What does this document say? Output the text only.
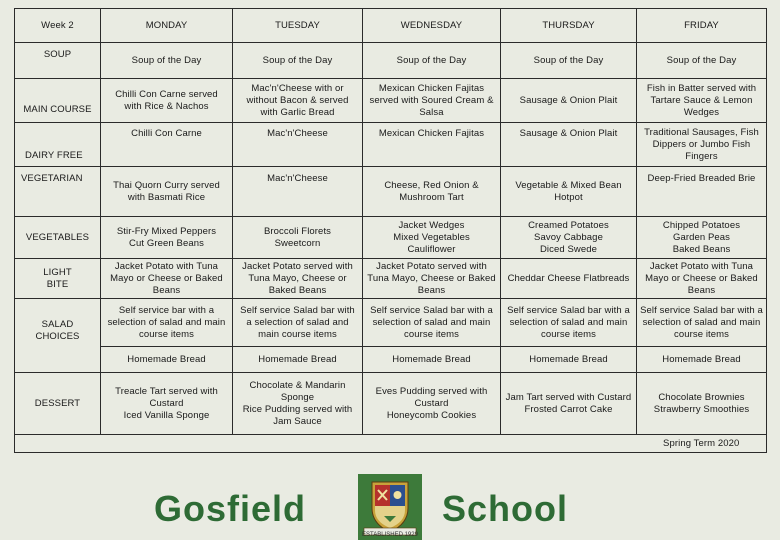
Week 2	MONDAY	TUESDAY	WEDNESDAY	THURSDAY	FRIDAY
SOUP	Soup of the Day	Soup of the Day	Soup of the Day	Soup of the Day	Soup of the Day
MAIN COURSE	Chilli Con Carne served
with Rice & Nachos	Mac'n'Cheese with or
without Bacon & served
with Garlic Bread	Mexican Chicken Fajitas
served with Soured Cream &
Salsa	Sausage & Onion Plait	Fish in Batter served with
Tartare Sauce & Lemon
Wedges

DAIRY FREE	Chilli Con Carne	Mac'n'Cheese	Mexican Chicken Fajitas	Sausage & Onion Plait	Traditional Sausages, Fish
Dippers or Jumbo Fish
Fingers

VEGETARIAN	Thai Quorn Curry served
with Basmati Rice	Mac'n'Cheese	Cheese, Red Onion &
Mushroom Tart	Vegetable & Mixed Bean
Hotpot	Deep-Fried Breaded Brie

VEGETABLES	Stir-Fry Mixed Peppers
Cut Green Beans	Broccoli Florets
Sweetcorn	Jacket Wedges
Mixed Vegetables
Cauliflower	Creamed Potatoes
Savoy Cabbage
Diced Swede	Chipped Potatoes
Garden Peas
Baked Beans

LIGHT
BITE	Jacket Potato with Tuna
Mayo or Cheese or Baked
Beans	Jacket Potato served with
Tuna Mayo, Cheese or
Baked Beans	Jacket Potato served with
Tuna Mayo, Cheese or Baked
Beans	Cheddar Cheese Flatbreads	Jacket Potato with Tuna
Mayo or Cheese or Baked
Beans

SALAD
CHOICES	Self service bar with a
selection of salad and main
course items	Self service Salad bar with
a selection of salad and
main course items	Self service Salad bar with a
selection of salad and main
course items	Self service Salad bar with a
selection of salad and main
course items	Self service Salad bar with a
selection of salad and main
course items

	Homemade Bread	Homemade Bread	Homemade Bread	Homemade Bread	Homemade Bread
DESSERT	Treacle Tart served with
Custard
Iced Vanilla Sponge	Chocolate & Mandarin
Sponge
Rice Pudding served with
Jam Sauce	Eves Pudding served with
Custard
Honeycomb Cookies	Jam Tart served with Custard
Frosted Carrot Cake	Chocolate Brownies
Strawberry Smoothies

					Spring Term 2020
Gosfield
ESTABLISHED 1929
School
